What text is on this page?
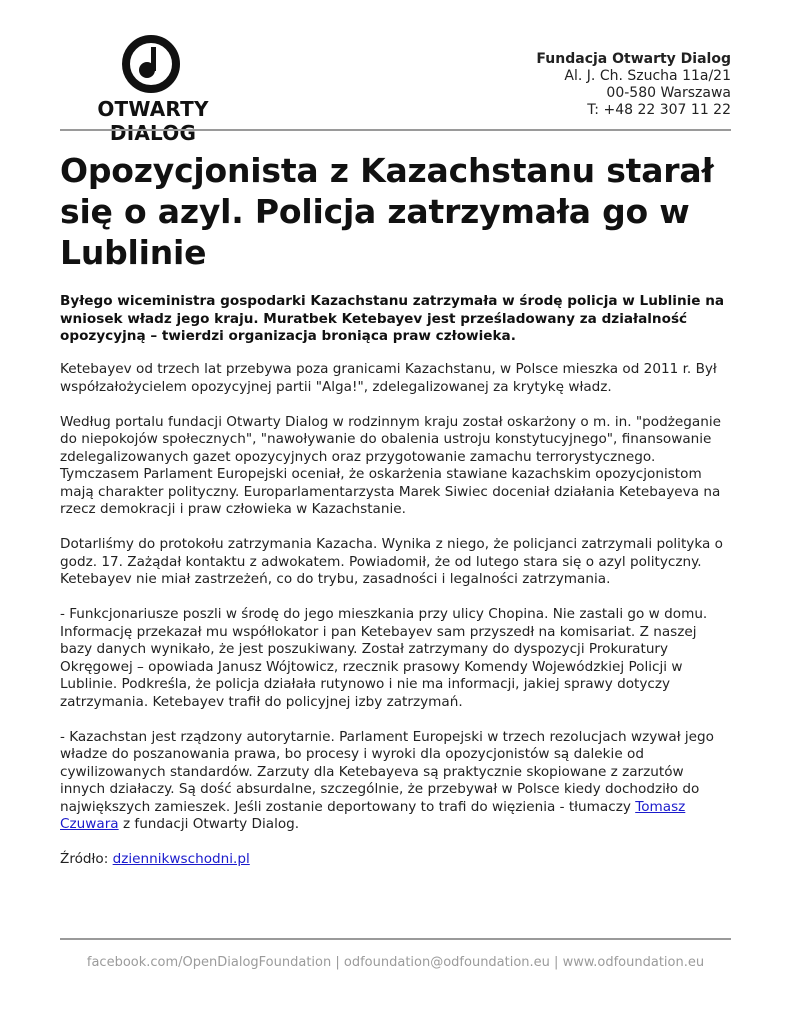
OTWARTY DIALOG
Fundacja Otwarty Dialog
Al. J. Ch. Szucha 11a/21
00-580 Warszawa
T: +48 22 307 11 22
Opozycjonista z Kazachstanu starał się o azyl. Policja zatrzymała go w Lublinie

Byłego wiceministra gospodarki Kazachstanu zatrzymała w środę policja w Lublinie na wniosek władz jego kraju. Muratbek Ketebayev jest prześladowany za działalność opozycyjną – twierdzi organizacja broniąca praw człowieka.

Ketebayev od trzech lat przebywa poza granicami Kazachstanu, w Polsce mieszka od 2011 r. Był współzałożycielem opozycyjnej partii "Alga!", zdelegalizowanej za krytykę władz.

Według portalu fundacji Otwarty Dialog w rodzinnym kraju został oskarżony o m. in. "podżeganie do niepokojów społecznych", "nawoływanie do obalenia ustroju konstytucyjnego", finansowanie zdelegalizowanych gazet opozycyjnych oraz przygotowanie zamachu terrorystycznego. Tymczasem Parlament Europejski oceniał, że oskarżenia stawiane kazachskim opozycjonistom mają charakter polityczny. Europarlamentarzysta Marek Siwiec doceniał działania Ketebayeva na rzecz demokracji i praw człowieka w Kazachstanie.

Dotarliśmy do protokołu zatrzymania Kazacha. Wynika z niego, że policjanci zatrzymali polityka o godz. 17. Zażądał kontaktu z adwokatem. Powiadomił, że od lutego stara się o azyl polityczny. Ketebayev nie miał zastrzeżeń, co do trybu, zasadności i legalności zatrzymania.

- Funkcjonariusze poszli w środę do jego mieszkania przy ulicy Chopina. Nie zastali go w domu. Informację przekazał mu współlokator i pan Ketebayev sam przyszedł na komisariat. Z naszej bazy danych wynikało, że jest poszukiwany. Został zatrzymany do dyspozycji Prokuratury Okręgowej – opowiada Janusz Wójtowicz, rzecznik prasowy Komendy Wojewódzkiej Policji w Lublinie. Podkreśla, że policja działała rutynowo i nie ma informacji, jakiej sprawy dotyczy zatrzymania. Ketebayev trafił do policyjnej izby zatrzymań.

- Kazachstan jest rządzony autorytarnie. Parlament Europejski w trzech rezolucjach wzywał jego władze do poszanowania prawa, bo procesy i wyroki dla opozycjonistów są dalekie od cywilizowanych standardów. Zarzuty dla Ketebayeva są praktycznie skopiowane z zarzutów innych działaczy. Są dość absurdalne, szczególnie, że przebywał w Polsce kiedy dochodziło do największych zamieszek. Jeśli zostanie deportowany to trafi do więzienia - tłumaczy Tomasz Czuwara z fundacji Otwarty Dialog.

Źródło: dziennikwschodni.pl

facebook.com/OpenDialogFoundation | odfoundation@odfoundation.eu | www.odfoundation.eu
